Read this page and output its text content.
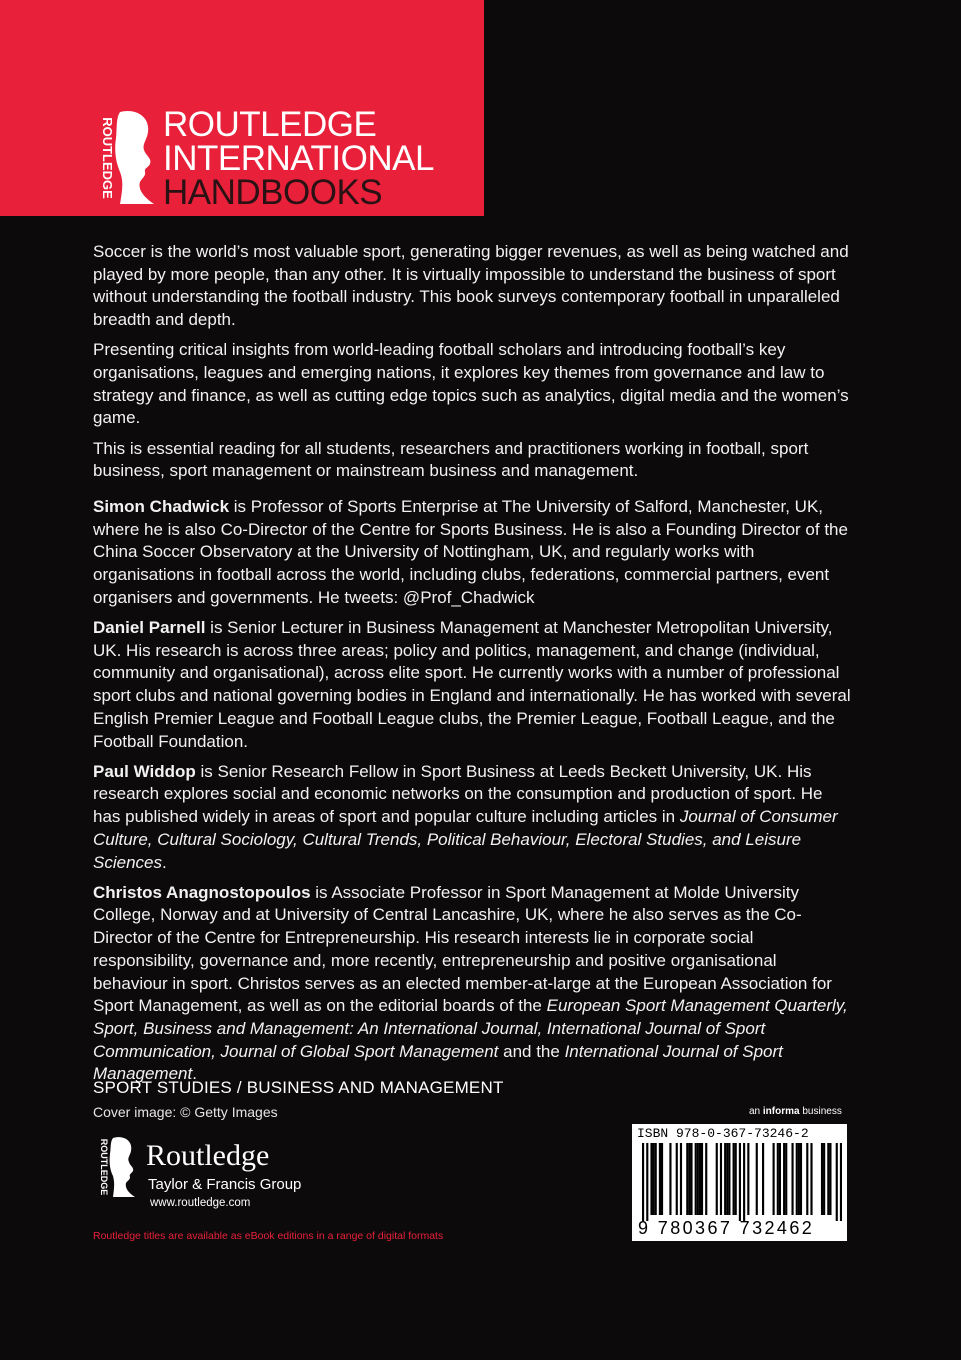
ROUTLEDGE ROUTLEDGE
INTERNATIONAL
HANDBOOKS

Soccer is the world’s most valuable sport, generating bigger revenues, as well as being watched and played by more people, than any other. It is virtually impossible to understand the business of sport without understanding the football industry. This book surveys contemporary football in unparalleled breadth and depth.

Presenting critical insights from world-leading football scholars and introducing football’s key organisations, leagues and emerging nations, it explores key themes from governance and law to strategy and finance, as well as cutting edge topics such as analytics, digital media and the women’s game.

This is essential reading for all students, researchers and practitioners working in football, sport business, sport management or mainstream business and management.

Simon Chadwick is Professor of Sports Enterprise at The University of Salford, Manchester, UK, where he is also Co-Director of the Centre for Sports Business. He is also a Founding Director of the China Soccer Observatory at the University of Nottingham, UK, and regularly works with organisations in football across the world, including clubs, federations, commercial partners, event organisers and governments. He tweets: @Prof_Chadwick

Daniel Parnell is Senior Lecturer in Business Management at Manchester Metropolitan University, UK. His research is across three areas; policy and politics, management, and change (individual, community and organisational), across elite sport. He currently works with a number of professional sport clubs and national governing bodies in England and internationally. He has worked with several English Premier League and Football League clubs, the Premier League, Football League, and the Football Foundation.

Paul Widdop is Senior Research Fellow in Sport Business at Leeds Beckett University, UK. His research explores social and economic networks on the consumption and production of sport. He has published widely in areas of sport and popular culture including articles in Journal of Consumer Culture, Cultural Sociology, Cultural Trends, Political Behaviour, Electoral Studies, and Leisure Sciences.

Christos Anagnostopoulos is Associate Professor in Sport Management at Molde University College, Norway and at University of Central Lancashire, UK, where he also serves as the Co-Director of the Centre for Entrepreneurship. His research interests lie in corporate social responsibility, governance and, more recently, entrepreneurship and positive organisational behaviour in sport. Christos serves as an elected member-at-large at the European Association for Sport Management, as well as on the editorial boards of the European Sport Management Quarterly, Sport, Business and Management: An International Journal, International Journal of Sport Communication, Journal of Global Sport Management and the International Journal of Sport Management.

SPORT STUDIES / BUSINESS AND MANAGEMENT
Cover image: © Getty Images
ROUTLEDGE Routledge
Taylor & Francis Group
www.routledge.com
Routledge titles are available as eBook editions in a range of digital formats
an informa business
ISBN 978-0-367-73246-2
9 780367 732462
